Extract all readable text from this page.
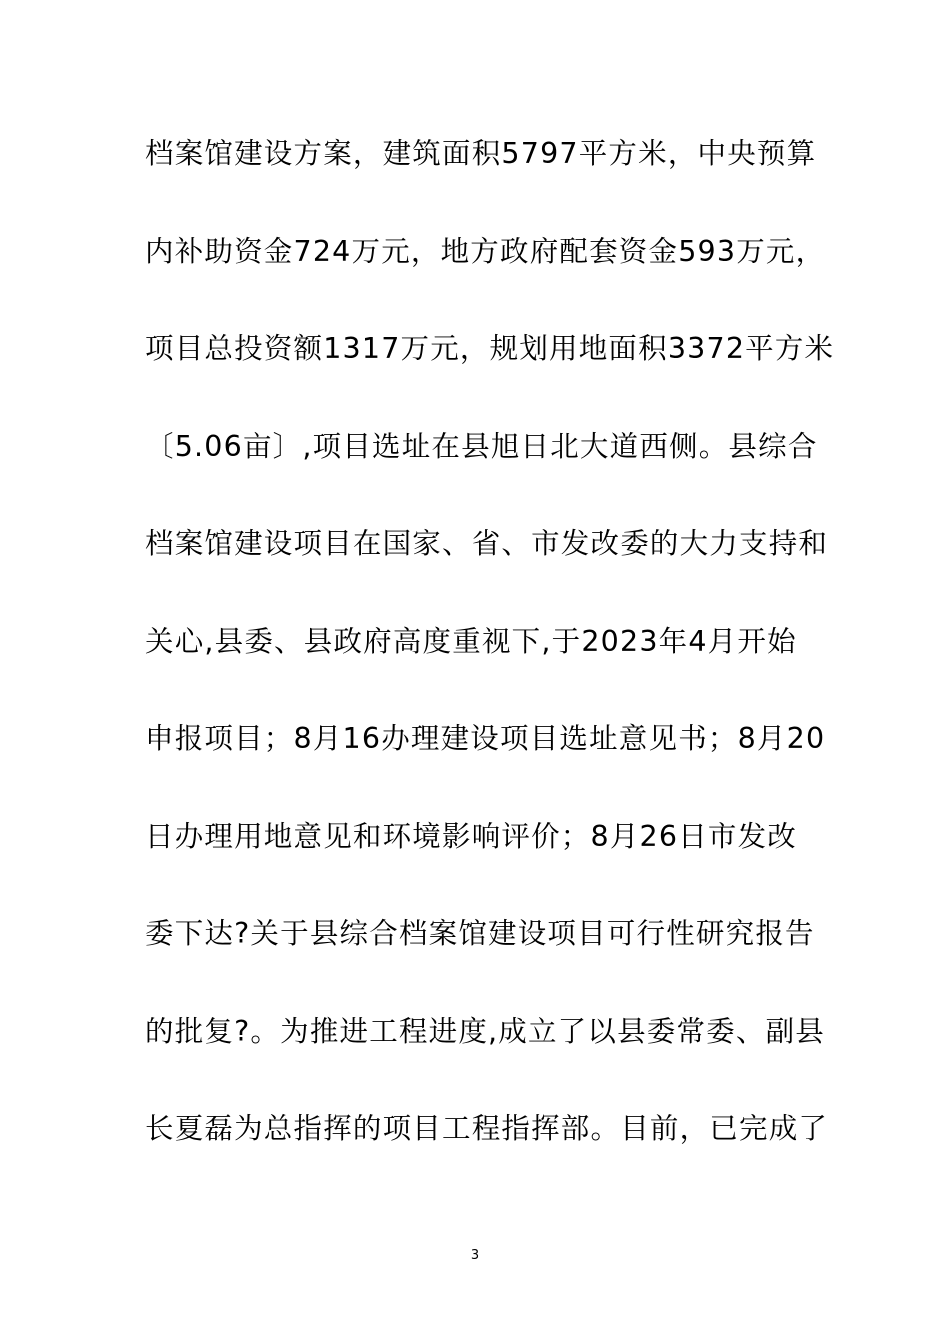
档案馆建设方案，建筑面积5797平方米，中央预算
内补助资金724万元，地方政府配套资金593万元，
项目总投资额1317万元，规划用地面积3372平方米
〔5.06亩〕,项目选址在县旭日北大道西侧。县综合
档案馆建设项目在国家、省、市发改委的大力支持和
关心,县委、县政府高度重视下,于2023年4月开始
申报项目；8月16办理建设项目选址意见书；8月20
日办理用地意见和环境影响评价；8月26日市发改
委下达?关于县综合档案馆建设项目可行性研究报告
的批复?。为推进工程进度,成立了以县委常委、副县
长夏磊为总指挥的项目工程指挥部。目前，已完成了
3
